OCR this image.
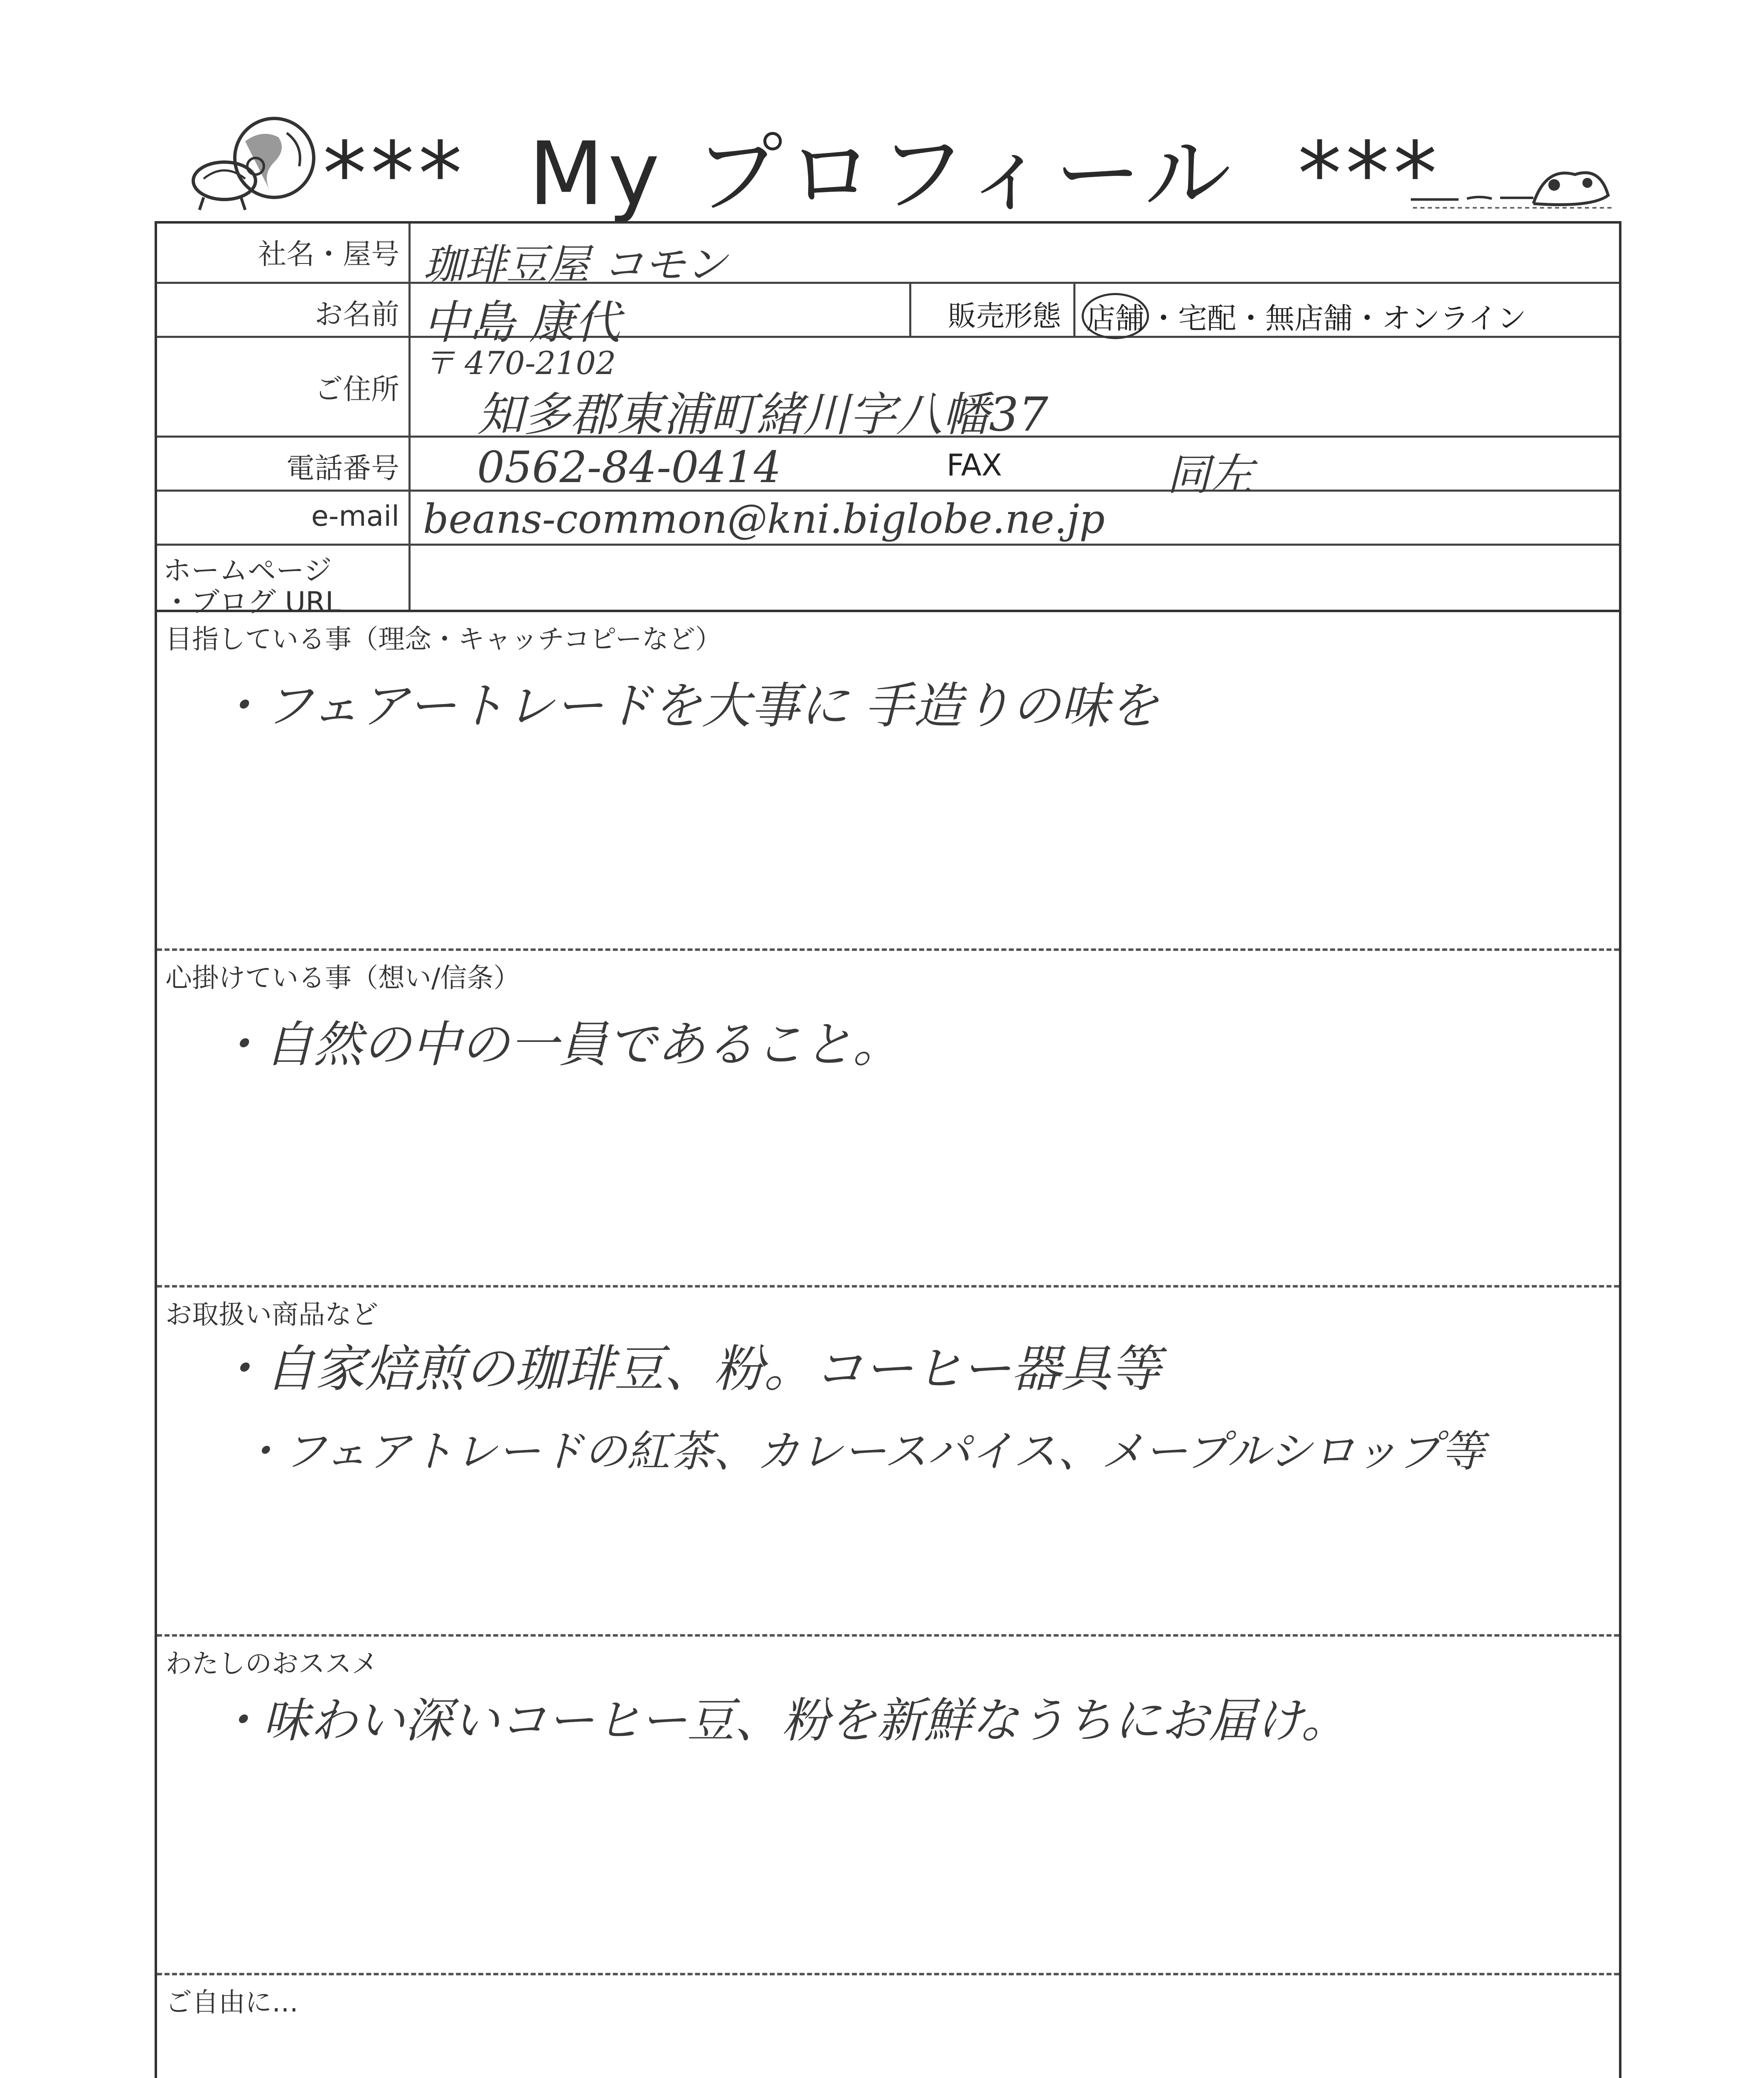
*** My プロフィール ***
社名・屋号 珈琲豆屋 コモン
お名前 中島 康代	販売形態 店舗 ・宅配・無店舗・オンライン
ご住所
〒 470-2102
知多郡東浦町緒川字八幡37
電話番号 0562-84-0414	FAX	同左
e-mail beans-common@kni.biglobe.ne.jp
ホームページ
・ブログ URL
目指している事（理念・キャッチコピーなど）
・フェアートレードを大事に 手造りの味を
心掛けている事（想い/信条）
・自然の中の一員であること。
お取扱い商品など
・自家焙煎の珈琲豆、粉。コーヒー器具等
・フェアトレードの紅茶、カレースパイス、メープルシロップ等
わたしのおススメ
・味わい深いコーヒー豆、粉を新鮮なうちにお届け。
ご自由に…
